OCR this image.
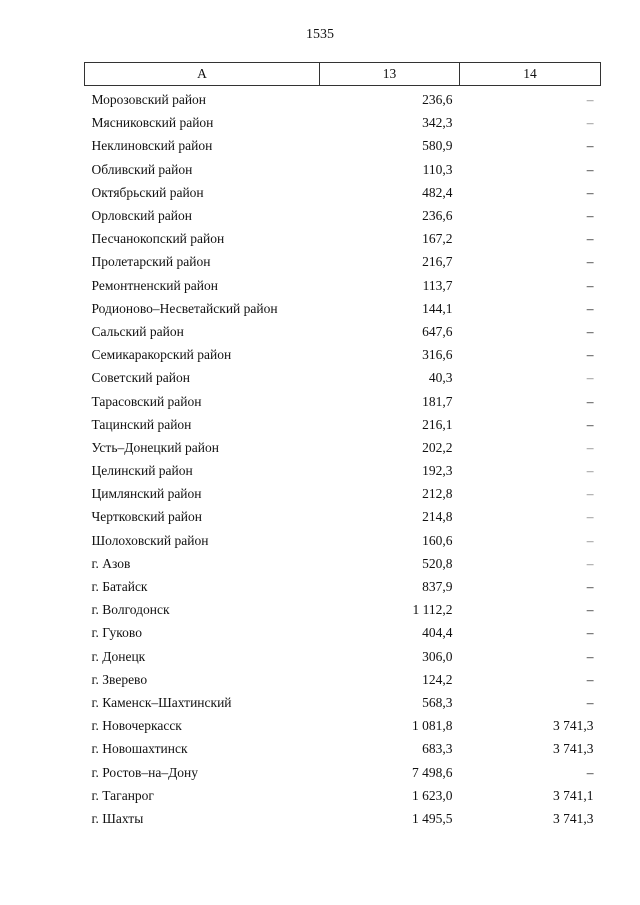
1535
А	13	14
Морозовский район	236,6	–
Мясниковский район	342,3	–
Неклиновский район	580,9	–
Обливский район	110,3	–
Октябрьский район	482,4	–
Орловский район	236,6	–
Песчанокопский район	167,2	–
Пролетарский район	216,7	–
Ремонтненский район	113,7	–
Родионово–Несветайский район	144,1	–
Сальский район	647,6	–
Семикаракорский район	316,6	–
Советский район	40,3	–
Тарасовский район	181,7	–
Тацинский район	216,1	–
Усть–Донецкий район	202,2	–
Целинский район	192,3	–
Цимлянский район	212,8	–
Чертковский район	214,8	–
Шолоховский район	160,6	–
г. Азов	520,8	–
г. Батайск	837,9	–
г. Волгодонск	1 112,2	–
г. Гуково	404,4	–
г. Донецк	306,0	–
г. Зверево	124,2	–
г. Каменск–Шахтинский	568,3	–
г. Новочеркасск	1 081,8	3 741,3
г. Новошахтинск	683,3	3 741,3
г. Ростов–на–Дону	7 498,6	–
г. Таганрог	1 623,0	3 741,1
г. Шахты	1 495,5	3 741,3
